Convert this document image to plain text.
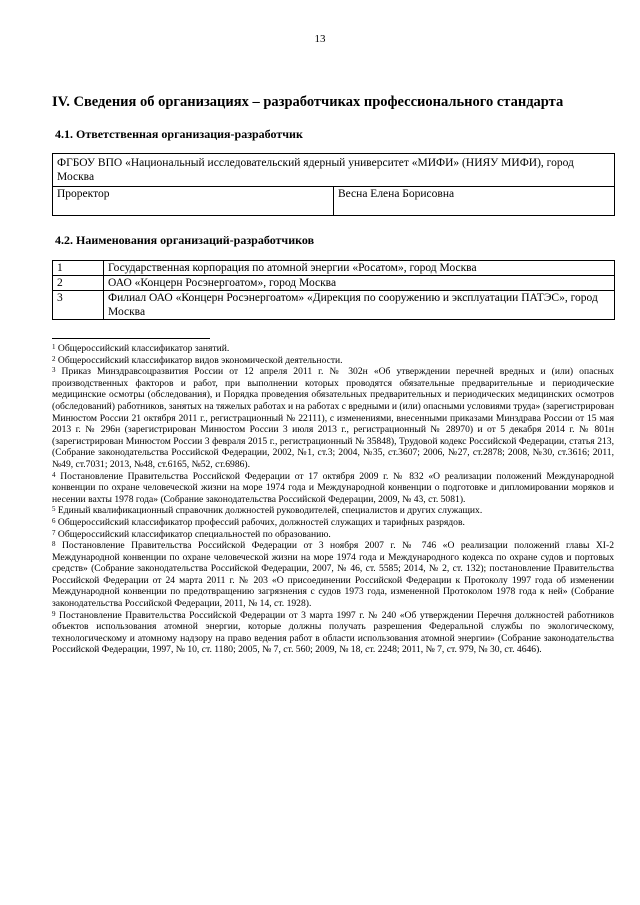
13
IV. Сведения об организациях – разработчиках профессионального стандарта
4.1. Ответственная организация-разработчик
ФГБОУ ВПО «Национальный исследовательский ядерный университет «МИФИ» (НИЯУ МИФИ), город Москва
Проректор	Весна Елена Борисовна
4.2. Наименования организаций-разработчиков
1	Государственная корпорация по атомной энергии «Росатом», город Москва
2	ОАО «Концерн Росэнергоатом», город Москва
3	Филиал ОАО «Концерн Росэнергоатом» «Дирекция по сооружению и эксплуатации ПАТЭС», город Москва
$^1$ Общероссийский классификатор занятий.
$^2$ Общероссийский классификатор видов экономической деятельности.
$^3$ Приказ Минздравсоцразвития России от 12 апреля 2011 г. № 302н «Об утверждении перечней вредных и (или) опасных производственных факторов и работ, при выполнении которых проводятся обязательные предварительные и периодические медицинские осмотры (обследования), и Порядка проведения обязательных предварительных и периодических медицинских осмотров (обследований) работников, занятых на тяжелых работах и на работах с вредными и (или) опасными условиями труда» (зарегистрирован Минюстом России 21 октября 2011 г., регистрационный № 22111), с изменениями, внесенными приказами Минздрава России от 15 мая 2013 г. № 296н (зарегистрирован Минюстом России 3 июля 2013 г., регистрационный № 28970) и от 5 декабря 2014 г. № 801н (зарегистрирован Минюстом России 3 февраля 2015 г., регистрационный № 35848), Трудовой кодекс Российской Федерации, статья 213, (Собрание законодательства Российской Федерации, 2002, №1, ст.3; 2004, №35, ст.3607; 2006, №27, ст.2878; 2008, №30, ст.3616; 2011, №49, ст.7031; 2013, №48, ст.6165, №52, ст.6986).
$^4$ Постановление Правительства Российской Федерации от 17 октября 2009 г. № 832 «О реализации положений Международной конвенции по охране человеческой жизни на море 1974 года и Международной конвенции о подготовке и дипломировании моряков и несении вахты 1978 года» (Собрание законодательства Российской Федерации, 2009, № 43, ст. 5081).
$^5$ Единый квалификационный справочник должностей руководителей, специалистов и других служащих.
$^6$ Общероссийский классификатор профессий рабочих, должностей служащих и тарифных разрядов.
$^7$ Общероссийский классификатор специальностей по образованию.
$^8$ Постановление Правительства Российской Федерации от 3 ноября 2007 г. № 746 «О реализации положений главы XI-2 Международной конвенции по охране человеческой жизни на море 1974 года и Международного кодекса по охране судов и портовых средств» (Собрание законодательства Российской Федерации, 2007, № 46, ст. 5585; 2014, № 2, ст. 132); постановление Правительства Российской Федерации от 24 марта 2011 г. № 203 «О присоединении Российской Федерации к Протоколу 1997 года об изменении Международной конвенции по предотвращению загрязнения с судов 1973 года, измененной Протоколом 1978 года к ней» (Собрание законодательства Российской Федерации, 2011, № 14, ст. 1928).
$^9$ Постановление Правительства Российской Федерации от 3 марта 1997 г. № 240 «Об утверждении Перечня должностей работников объектов использования атомной энергии, которые должны получать разрешения Федеральной службы по экологическому, технологическому и атомному надзору на право ведения работ в области использования атомной энергии» (Собрание законодательства Российской Федерации, 1997, № 10, ст. 1180; 2005, № 7, ст. 560; 2009, № 18, ст. 2248; 2011, № 7, ст. 979, № 30, ст. 4646).
